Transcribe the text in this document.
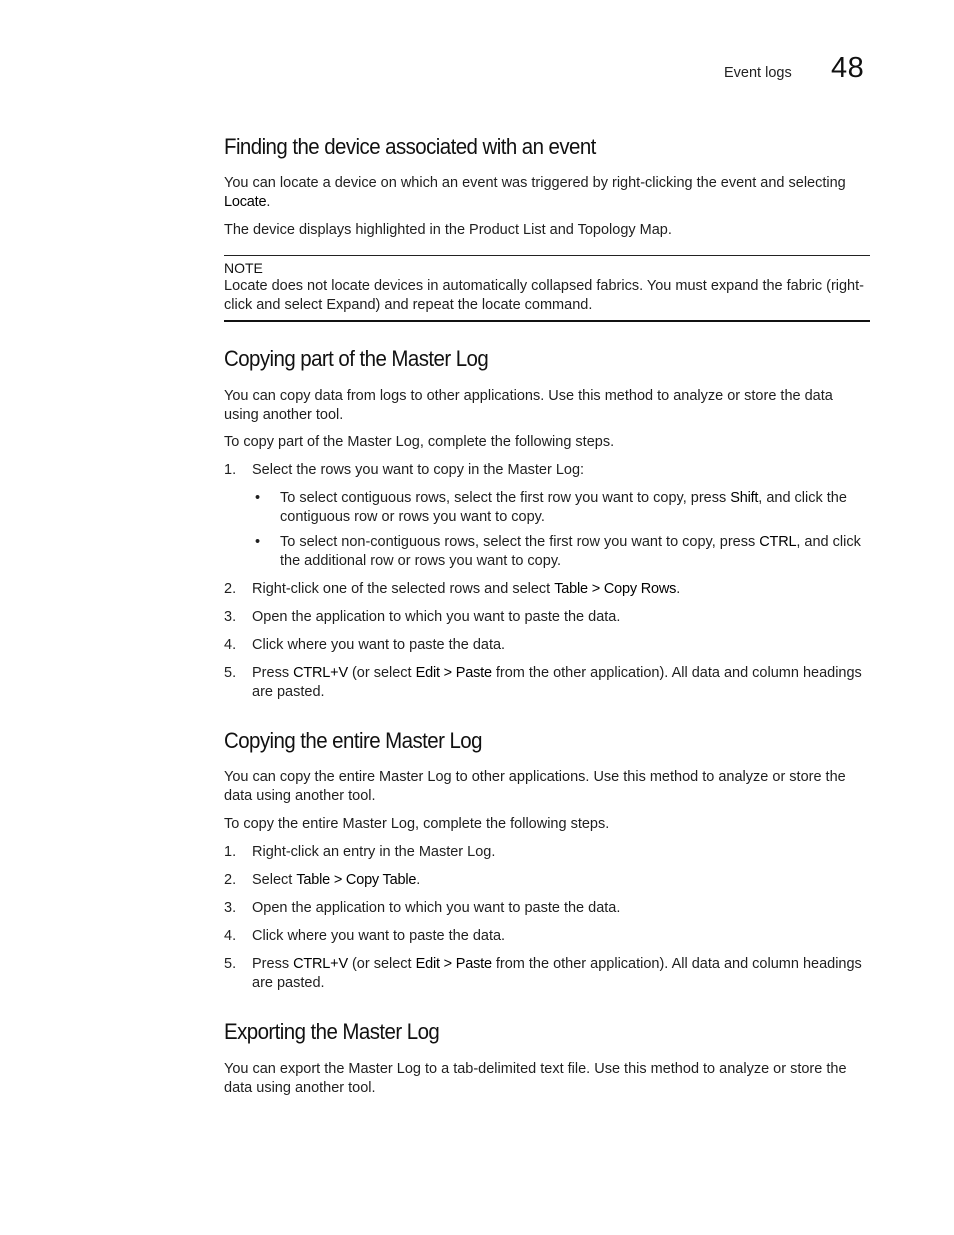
Event logs 48
Finding the device associated with an event

You can locate a device on which an event was triggered by right-clicking the event and selecting Locate.

The device displays highlighted in the Product List and Topology Map.

NOTE

Locate does not locate devices in automatically collapsed fabrics. You must expand the fabric (right-click and select Expand) and repeat the locate command.

Copying part of the Master Log

You can copy data from logs to other applications. Use this method to analyze or store the data using another tool.

To copy part of the Master Log, complete the following steps.

1. Select the rows you want to copy in the Master Log:
• To select contiguous rows, select the first row you want to copy, press Shift, and click the contiguous row or rows you want to copy.
• To select non-contiguous rows, select the first row you want to copy, press CTRL, and click the additional row or rows you want to copy.
2. Right-click one of the selected rows and select Table > Copy Rows.
3. Open the application to which you want to paste the data.
4. Click where you want to paste the data.
5. Press CTRL+V (or select Edit > Paste from the other application). All data and column headings are pasted.
Copying the entire Master Log

You can copy the entire Master Log to other applications. Use this method to analyze or store the data using another tool.

To copy the entire Master Log, complete the following steps.

1. Right-click an entry in the Master Log.
2. Select Table > Copy Table.
3. Open the application to which you want to paste the data.
4. Click where you want to paste the data.
5. Press CTRL+V (or select Edit > Paste from the other application). All data and column headings are pasted.
Exporting the Master Log

You can export the Master Log to a tab-delimited text file. Use this method to analyze or store the data using another tool.
